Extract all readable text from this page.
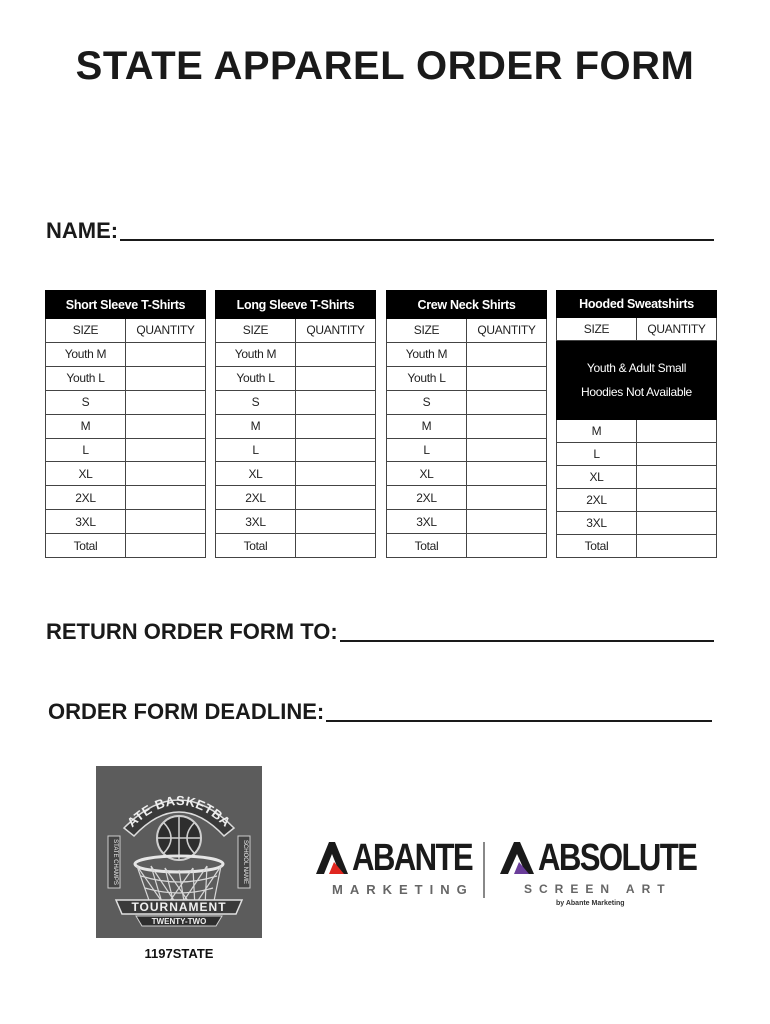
STATE APPAREL ORDER FORM
NAME:
Short Sleeve T-Shirts	
SIZE	QUANTITY
Youth M	
Youth L	
S	
M	
L	
XL	
2XL	
3XL	
Total	
Long Sleeve T-Shirts	
SIZE	QUANTITY
Youth M	
Youth L	
S	
M	
L	
XL	
2XL	
3XL	
Total	
Crew Neck Shirts	
SIZE	QUANTITY
Youth M	
Youth L	
S	
M	
L	
XL	
2XL	
3XL	
Total	
Hooded Sweatshirts	
SIZE	QUANTITY
Youth & Adult Small
Hoodies Not Available	

M	
L	
XL	
2XL	
3XL	
Total	
RETURN ORDER FORM TO:
ORDER FORM DEADLINE:
ATE BASKETBA
STATE CHAMPS	SCHOOL NAME
TOURNAMENT
TWENTY-TWO
1197STATE
ABANTE
MARKETING
ABSOLUTE
SCREEN ART
by Abante Marketing
